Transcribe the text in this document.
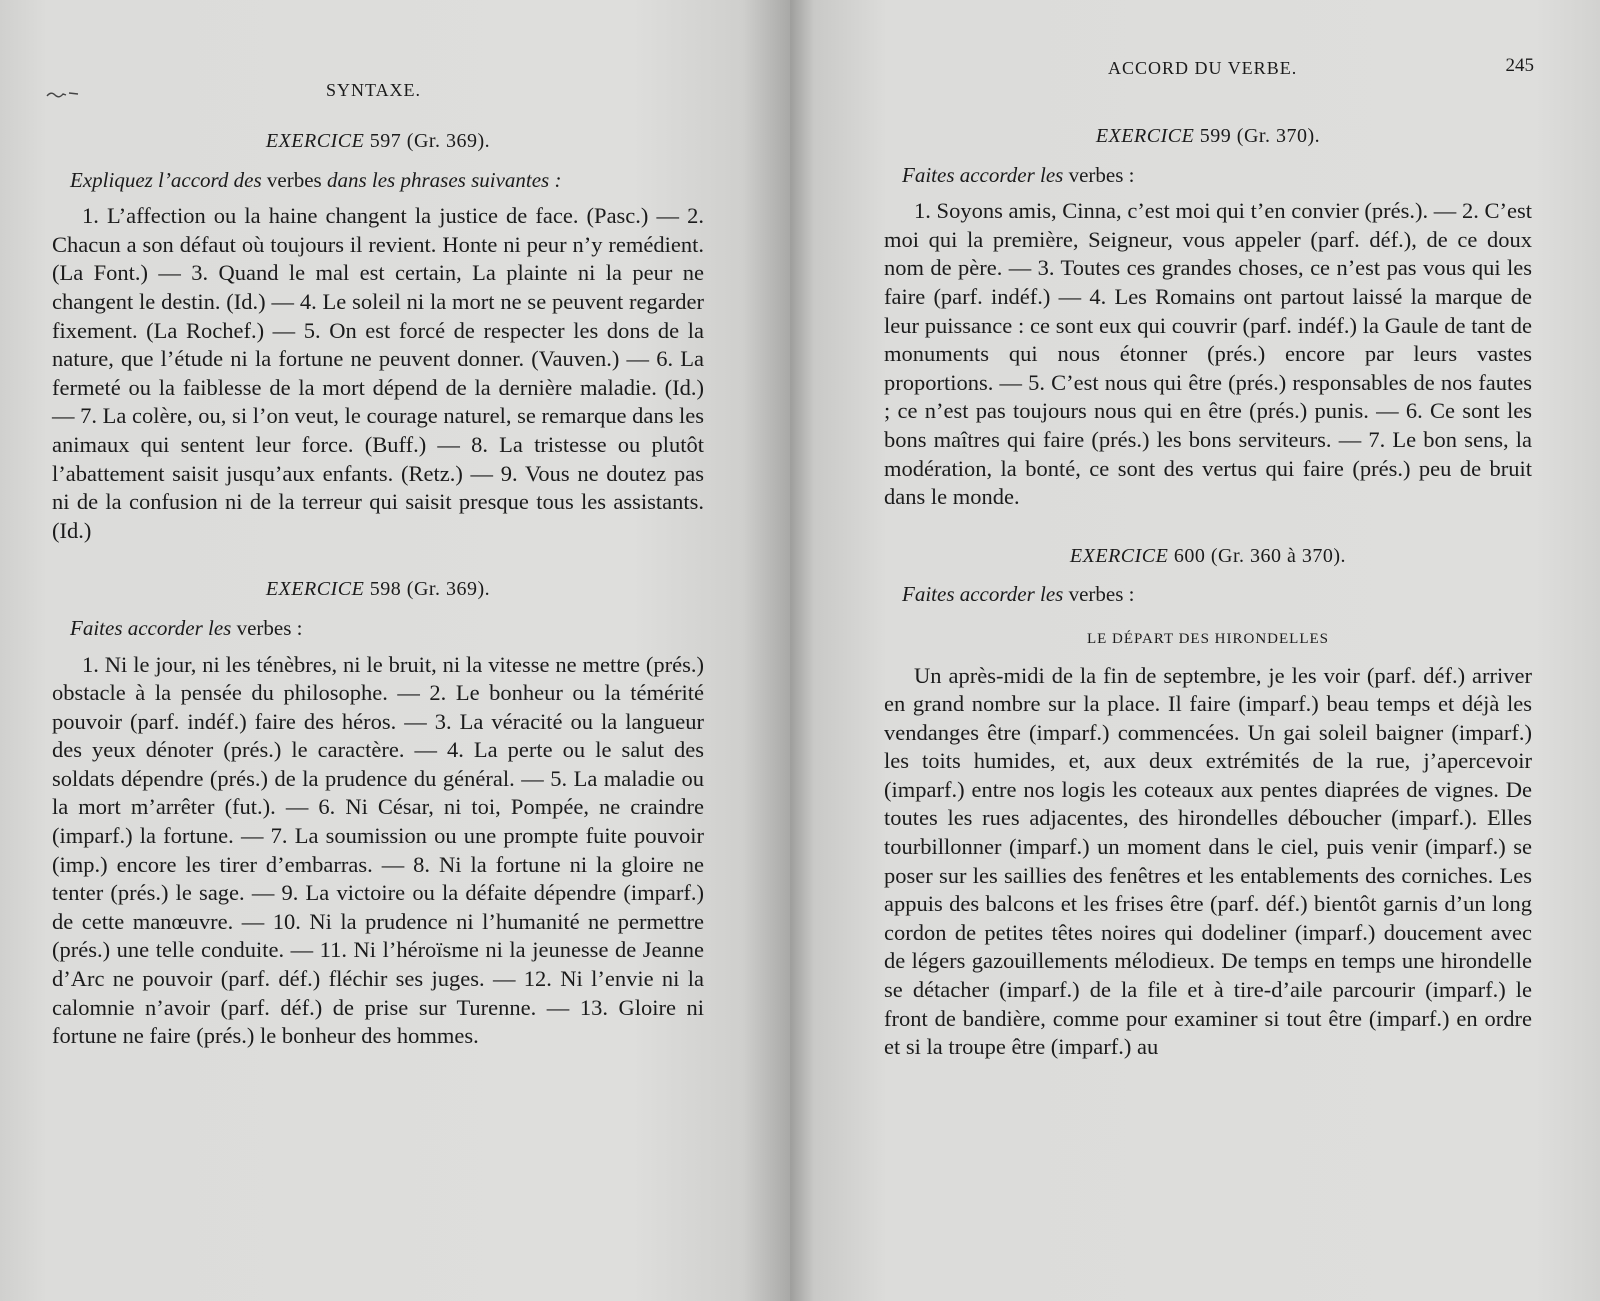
SYNTAXE.
EXERCICE 597 (Gr. 369).

Expliquez l’accord des verbes dans les phrases suivantes :

1. L’affection ou la haine changent la justice de face. (Pasc.) — 2. Chacun a son défaut où toujours il revient. Honte ni peur n’y remédient. (La Font.) — 3. Quand le mal est certain, La plainte ni la peur ne changent le destin. (Id.) — 4. Le soleil ni la mort ne se peuvent regarder fixement. (La Rochef.) — 5. On est forcé de respecter les dons de la nature, que l’étude ni la fortune ne peuvent donner. (Vauven.) — 6. La fermeté ou la faiblesse de la mort dépend de la dernière maladie. (Id.) — 7. La colère, ou, si l’on veut, le courage naturel, se remarque dans les animaux qui sentent leur force. (Buff.) — 8. La tristesse ou plutôt l’abattement saisit jusqu’aux enfants. (Retz.) — 9. Vous ne doutez pas ni de la confusion ni de la terreur qui saisit presque tous les assistants. (Id.)

EXERCICE 598 (Gr. 369).

Faites accorder les verbes :

1. Ni le jour, ni les ténèbres, ni le bruit, ni la vitesse ne mettre (prés.) obstacle à la pensée du philosophe. — 2. Le bonheur ou la témérité pouvoir (parf. indéf.) faire des héros. — 3. La véracité ou la langueur des yeux dénoter (prés.) le caractère. — 4. La perte ou le salut des soldats dépendre (prés.) de la prudence du général. — 5. La maladie ou la mort m’arrêter (fut.). — 6. Ni César, ni toi, Pompée, ne craindre (imparf.) la fortune. — 7. La soumission ou une prompte fuite pouvoir (imp.) encore les tirer d’embarras. — 8. Ni la fortune ni la gloire ne tenter (prés.) le sage. — 9. La victoire ou la défaite dépendre (imparf.) de cette manœuvre. — 10. Ni la prudence ni l’humanité ne permettre (prés.) une telle conduite. — 11. Ni l’héroïsme ni la jeunesse de Jeanne d’Arc ne pouvoir (parf. déf.) fléchir ses juges. — 12. Ni l’envie ni la calomnie n’avoir (parf. déf.) de prise sur Turenne. — 13. Gloire ni fortune ne faire (prés.) le bonheur des hommes.

ACCORD DU VERBE.	245
EXERCICE 599 (Gr. 370).

Faites accorder les verbes :

1. Soyons amis, Cinna, c’est moi qui t’en convier (prés.). — 2. C’est moi qui la première, Seigneur, vous appeler (parf. déf.), de ce doux nom de père. — 3. Toutes ces grandes choses, ce n’est pas vous qui les faire (parf. indéf.) — 4. Les Romains ont partout laissé la marque de leur puissance : ce sont eux qui couvrir (parf. indéf.) la Gaule de tant de monuments qui nous étonner (prés.) encore par leurs vastes proportions. — 5. C’est nous qui être (prés.) responsables de nos fautes ; ce n’est pas toujours nous qui en être (prés.) punis. — 6. Ce sont les bons maîtres qui faire (prés.) les bons serviteurs. — 7. Le bon sens, la modération, la bonté, ce sont des vertus qui faire (prés.) peu de bruit dans le monde.

EXERCICE 600 (Gr. 360 à 370).

Faites accorder les verbes :

LE DÉPART DES HIRONDELLES

Un après-midi de la fin de septembre, je les voir (parf. déf.) arriver en grand nombre sur la place. Il faire (imparf.) beau temps et déjà les vendanges être (imparf.) commencées. Un gai soleil baigner (imparf.) les toits humides, et, aux deux extrémités de la rue, j’apercevoir (imparf.) entre nos logis les coteaux aux pentes diaprées de vignes. De toutes les rues adjacentes, des hirondelles déboucher (imparf.). Elles tourbillonner (imparf.) un moment dans le ciel, puis venir (imparf.) se poser sur les saillies des fenêtres et les entablements des corniches. Les appuis des balcons et les frises être (parf. déf.) bientôt garnis d’un long cordon de petites têtes noires qui dodeliner (imparf.) doucement avec de légers gazouillements mélodieux. De temps en temps une hirondelle se détacher (imparf.) de la file et à tire-d’aile parcourir (imparf.) le front de bandière, comme pour examiner si tout être (imparf.) en ordre et si la troupe être (imparf.) au
